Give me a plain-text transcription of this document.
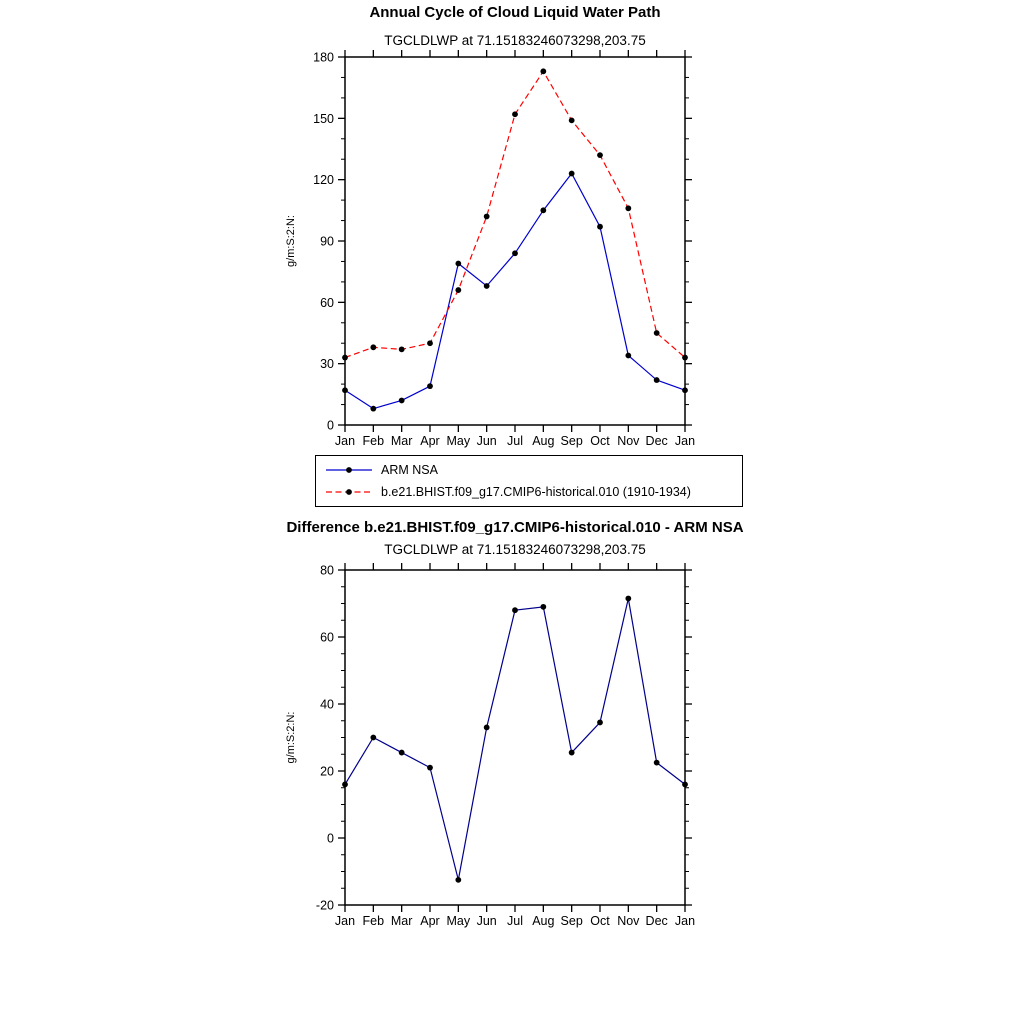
Annual Cycle of Cloud Liquid Water Path
TGCLDLWP at 71.15183246073298,203.75
0
30
60
90
120
150
180
Jan Feb Mar Apr May Jun Jul Aug Sep Oct Nov Dec Jan
g/m:S:2:N:
ARM NSA
b.e21.BHIST.f09_g17.CMIP6-historical.010 (1910-1934)
Difference b.e21.BHIST.f09_g17.CMIP6-historical.010 - ARM NSA
TGCLDLWP at 71.15183246073298,203.75
-20
0
20
40
60
80
Jan Feb Mar Apr May Jun Jul Aug Sep Oct Nov Dec Jan
g/m:S:2:N:
